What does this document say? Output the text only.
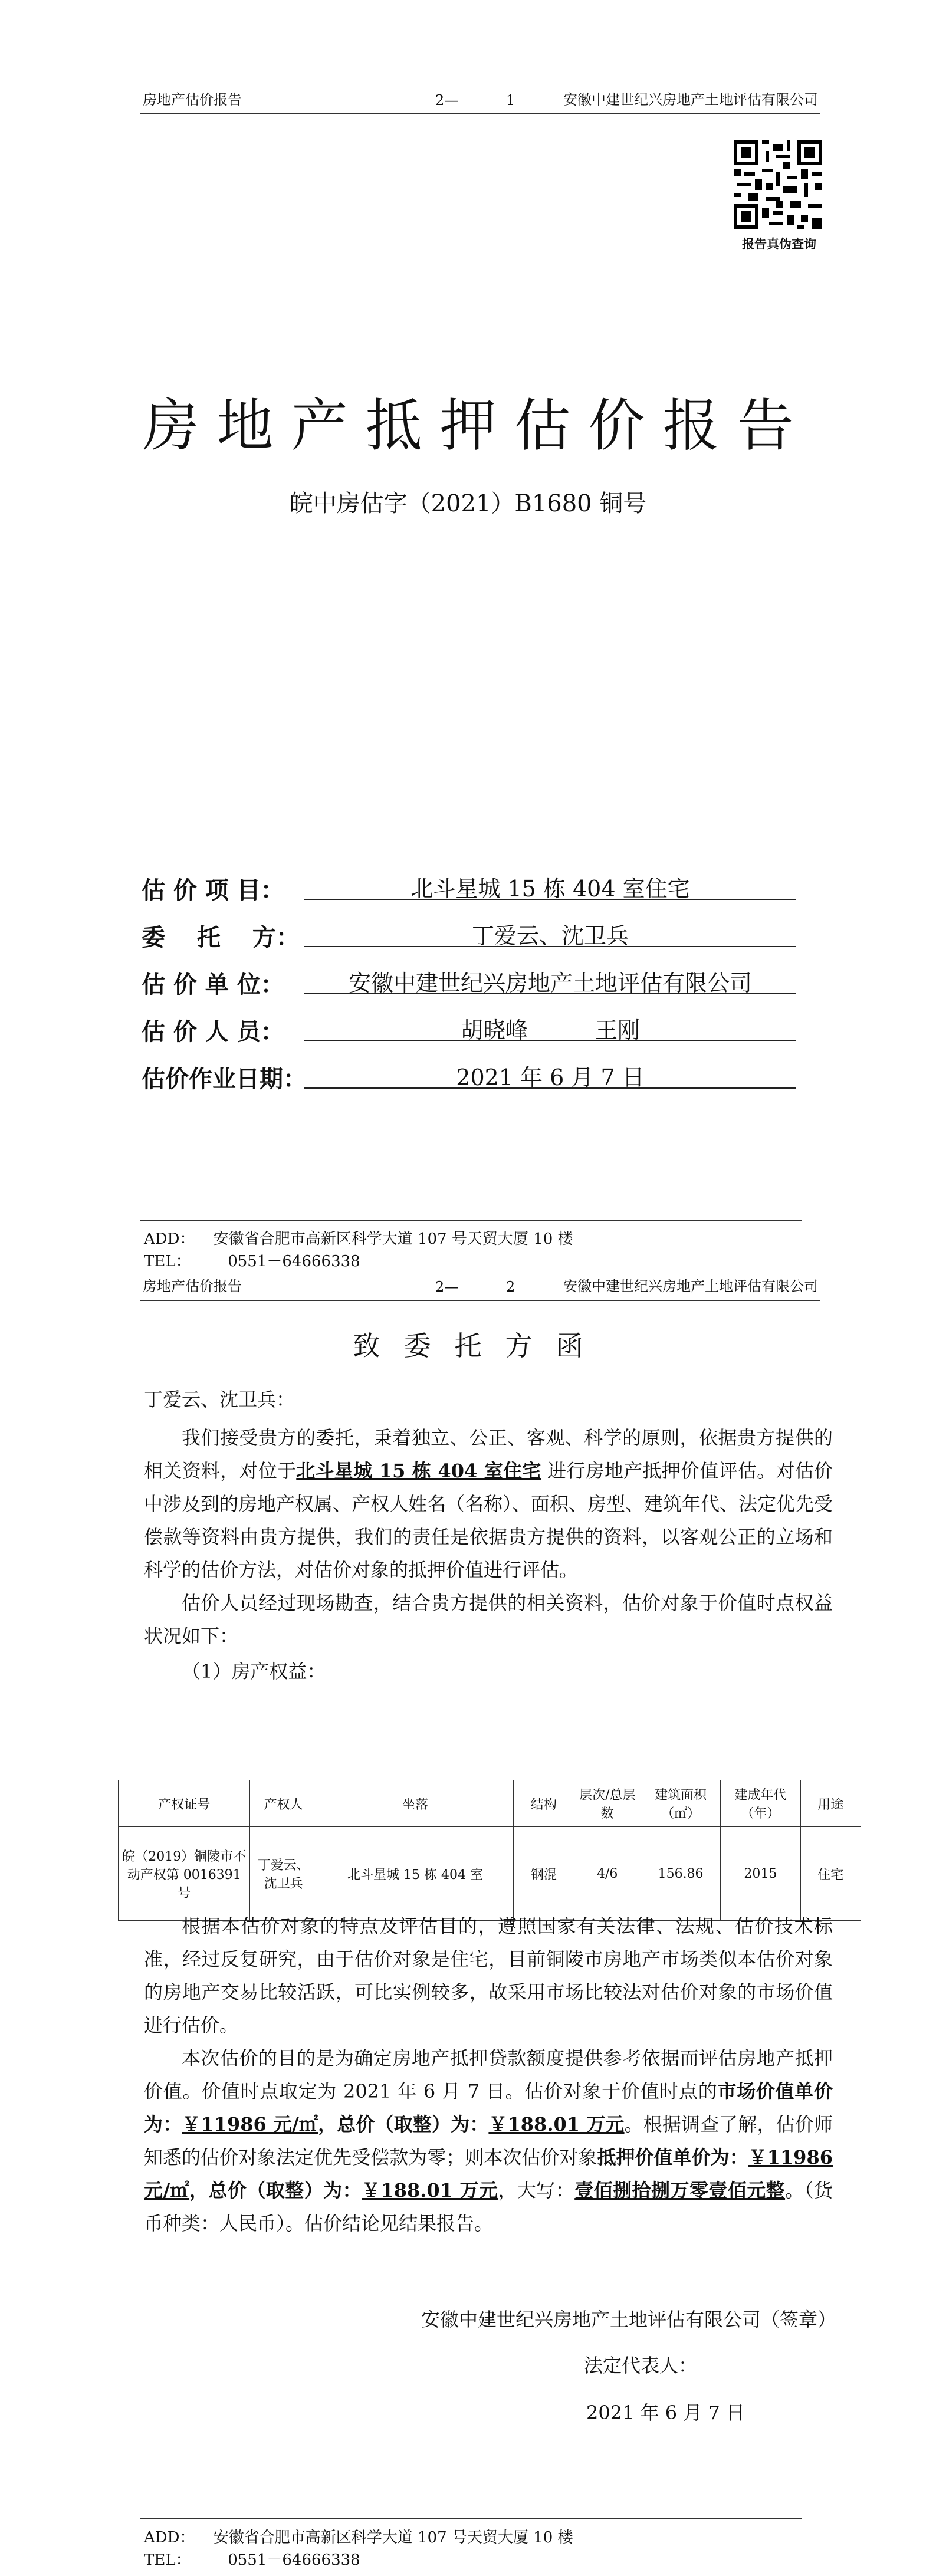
房地产估价报告	2—	1	安徽中建世纪兴房地产土地评估有限公司
报告真伪查询
房地产抵押估价报告
皖中房估字（2021）B1680 铜号
估 价 项 目：	北斗星城 15 栋 404 室住宅
委　 托　 方：	丁爱云、沈卫兵
估 价 单 位：	安徽中建世纪兴房地产土地评估有限公司
估 价 人 员：	胡晓峰　　　王刚
估价作业日期：	2021 年 6 月 7 日
ADD： 安徽省合肥市高新区科学大道 107 号天贸大厦 10 楼
TEL： 0551－64666338
房地产估价报告	2—	2	安徽中建世纪兴房地产土地评估有限公司
致委托方函
丁爱云、沈卫兵：

我们接受贵方的委托，秉着独立、公正、客观、科学的原则，依据贵方提供的相关资料，对位于北斗星城 15 栋 404 室住宅 进行房地产抵押价值评估。对估价中涉及到的房地产权属、产权人姓名（名称）、面积、房型、建筑年代、法定优先受偿款等资料由贵方提供，我们的责任是依据贵方提供的资料，以客观公正的立场和科学的估价方法，对估价对象的抵押价值进行评估。

估价人员经过现场勘查，结合贵方提供的相关资料，估价对象于价值时点权益状况如下：

（1）房产权益：

产权证号	产权人	坐落	结构	层次/总层数	建筑面积（㎡）	建成年代（年）	用途
皖（2019）铜陵市不动产权第 0016391 号	丁爱云、沈卫兵	北斗星城 15 栋 404 室	钢混	4/6	156.86	2015	住宅

根据本估价对象的特点及评估目的，遵照国家有关法律、法规、估价技术标准，经过反复研究，由于估价对象是住宅，目前铜陵市房地产市场类似本估价对象的房地产交易比较活跃，可比实例较多，故采用市场比较法对估价对象的市场价值进行估价。

本次估价的目的是为确定房地产抵押贷款额度提供参考依据而评估房地产抵押价值。价值时点取定为 2021 年 6 月 7 日。估价对象于价值时点的市场价值单价为：￥11986 元/㎡，总价（取整）为：￥188.01 万元。根据调查了解，估价师知悉的估价对象法定优先受偿款为零；则本次估价对象抵押价值单价为：￥11986 元/㎡，总价（取整）为：￥188.01 万元，大写：壹佰捌拾捌万零壹佰元整。（货币种类：人民币）。估价结论见结果报告。

安徽中建世纪兴房地产土地评估有限公司（签章）
法定代表人：
2021 年 6 月 7 日
ADD： 安徽省合肥市高新区科学大道 107 号天贸大厦 10 楼
TEL： 0551－64666338
